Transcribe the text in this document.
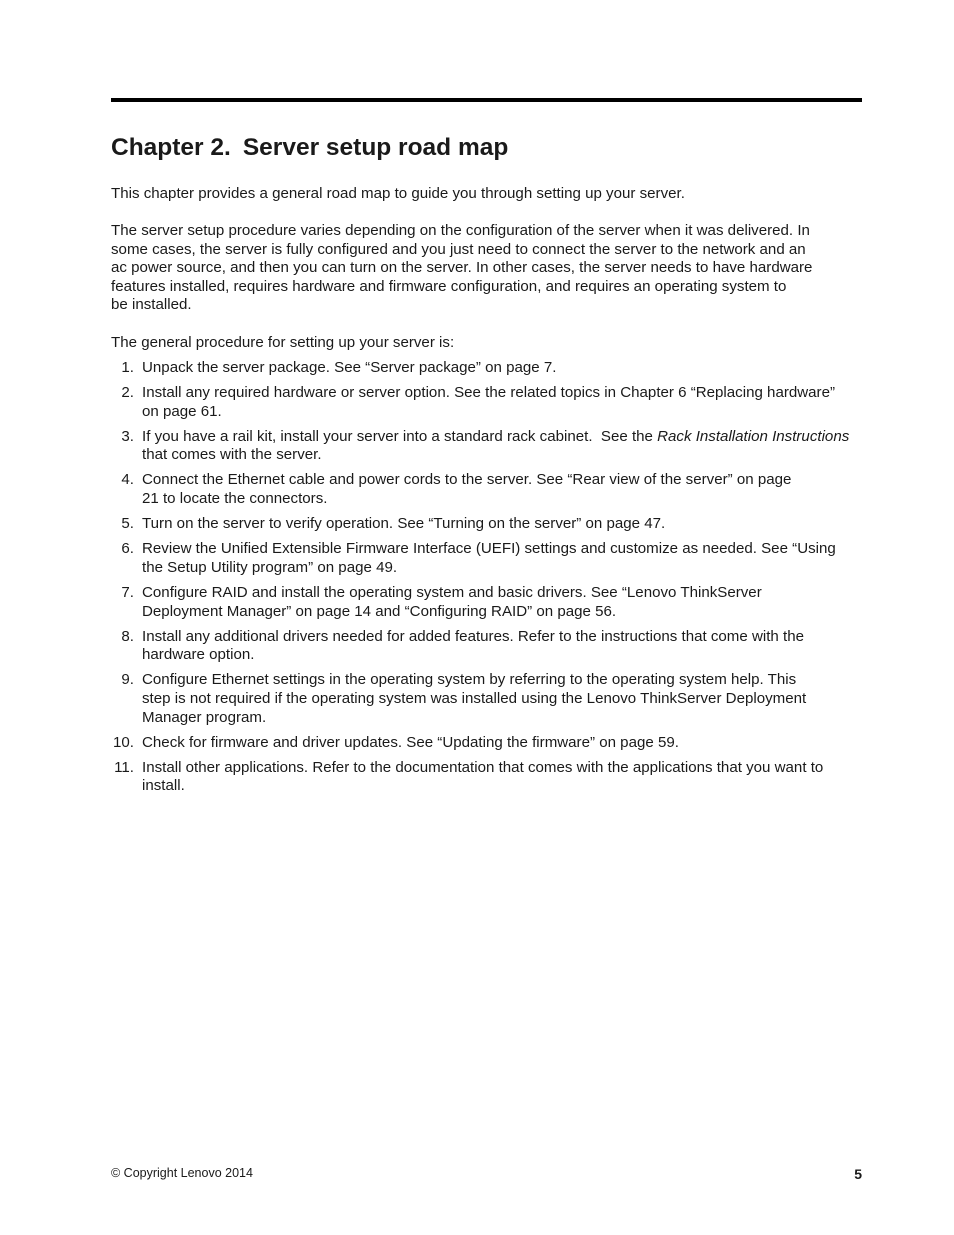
Chapter 2. Server setup road map

This chapter provides a general road map to guide you through setting up your server.

The server setup procedure varies depending on the configuration of the server when it was delivered. In
some cases, the server is fully configured and you just need to connect the server to the network and an
ac power source, and then you can turn on the server. In other cases, the server needs to have hardware
features installed, requires hardware and firmware configuration, and requires an operating system to
be installed.

The general procedure for setting up your server is:

1. Unpack the server package. See “Server package” on page 7.
2. Install any required hardware or server option. See the related topics in Chapter 6 “Replacing hardware”
on page 61.
3. If you have a rail kit, install your server into a standard rack cabinet.  See the Rack Installation Instructions
that comes with the server.
4. Connect the Ethernet cable and power cords to the server. See “Rear view of the server” on page
21 to locate the connectors.
5. Turn on the server to verify operation. See “Turning on the server” on page 47.
6. Review the Unified Extensible Firmware Interface (UEFI) settings and customize as needed. See “Using
the Setup Utility program” on page 49.
7. Configure RAID and install the operating system and basic drivers. See “Lenovo ThinkServer
Deployment Manager” on page 14 and “Configuring RAID” on page 56.
8. Install any additional drivers needed for added features. Refer to the instructions that come with the
hardware option.
9. Configure Ethernet settings in the operating system by referring to the operating system help. This
step is not required if the operating system was installed using the Lenovo ThinkServer Deployment
Manager program.
10. Check for firmware and driver updates. See “Updating the firmware” on page 59.
11. Install other applications. Refer to the documentation that comes with the applications that you want to
install.
© Copyright Lenovo 2014	5
